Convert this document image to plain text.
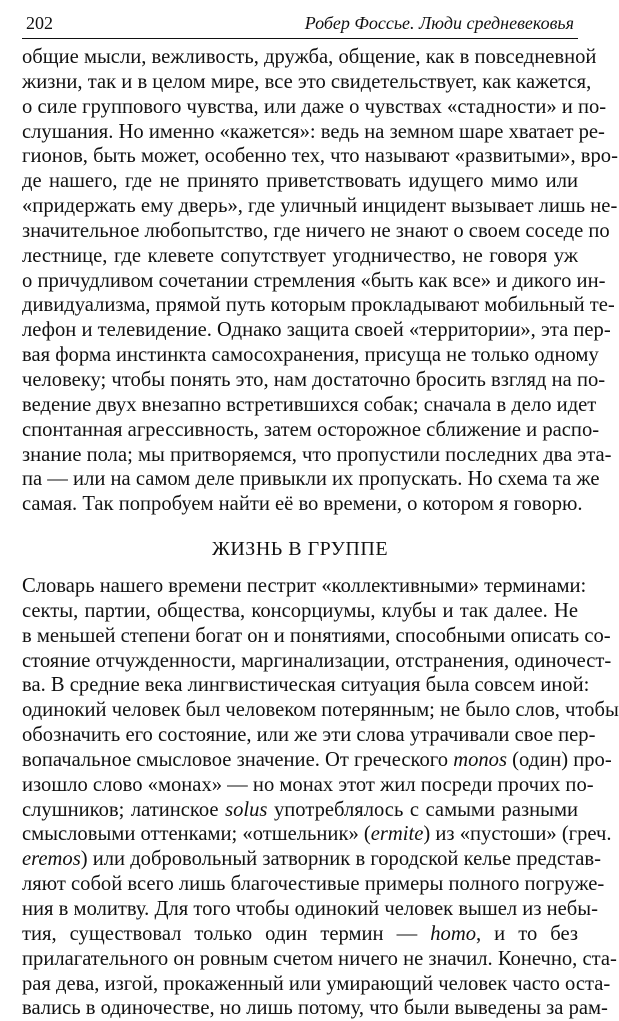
202	Робер Фоссье. Люди средневековья
общие мысли, вежливость, дружба, общение, как в повседневной
жизни, так и в целом мире, все это свидетельствует, как кажется,
о силе группового чувства, или даже о чувствах «стадности» и по-
слушания. Но именно «кажется»: ведь на земном шаре хватает ре-
гионов, быть может, особенно тех, что называют «развитыми», вро-
де нашего, где не принято приветствовать идущего мимо или
«придержать ему дверь», где уличный инцидент вызывает лишь не-
значительное любопытство, где ничего не знают о своем соседе по
лестнице, где клевете сопутствует угодничество, не говоря уж
о причудливом сочетании стремления «быть как все» и дикого ин-
дивидуализма, прямой путь которым прокладывают мобильный те-
лефон и телевидение. Однако защита своей «территории», эта пер-
вая форма инстинкта самосохранения, присуща не только одному
человеку; чтобы понять это, нам достаточно бросить взгляд на по-
ведение двух внезапно встретившихся собак; сначала в дело идет
спонтанная агрессивность, затем осторожное сближение и распо-
знание пола; мы притворяемся, что пропустили последних два эта-
па — или на самом деле привыкли их пропускать. Но схема та же
самая. Так попробуем найти её во времени, о котором я говорю.
ЖИЗНЬ В ГРУППЕ
Словарь нашего времени пестрит «коллективными» терминами:
секты, партии, общества, консорциумы, клубы и так далее. Не
в меньшей степени богат он и понятиями, способными описать со-
стояние отчужденности, маргинализации, отстранения, одиночест-
ва. В средние века лингвистическая ситуация была совсем иной:
одинокий человек был человеком потерянным; не было слов, чтобы
обозначить его состояние, или же эти слова утрачивали свое пер-
вопачальное смысловое значение. От греческого monos (один) про-
изошло слово «монах» — но монах этот жил посреди прочих по-
слушников; латинское solus употреблялось с самыми разными
смысловыми оттенками; «отшельник» (ermite) из «пустоши» (греч.
eremos) или добровольный затворник в городской келье представ-
ляют собой всего лишь благочестивые примеры полного погруже-
ния в молитву. Для того чтобы одинокий человек вышел из небы-
тия, существовал только один термин — homo, и то без
прилагательного он ровным счетом ничего не значил. Конечно, ста-
рая дева, изгой, прокаженный или умирающий человек часто оста-
вались в одиночестве, но лишь потому, что были выведены за рам-
